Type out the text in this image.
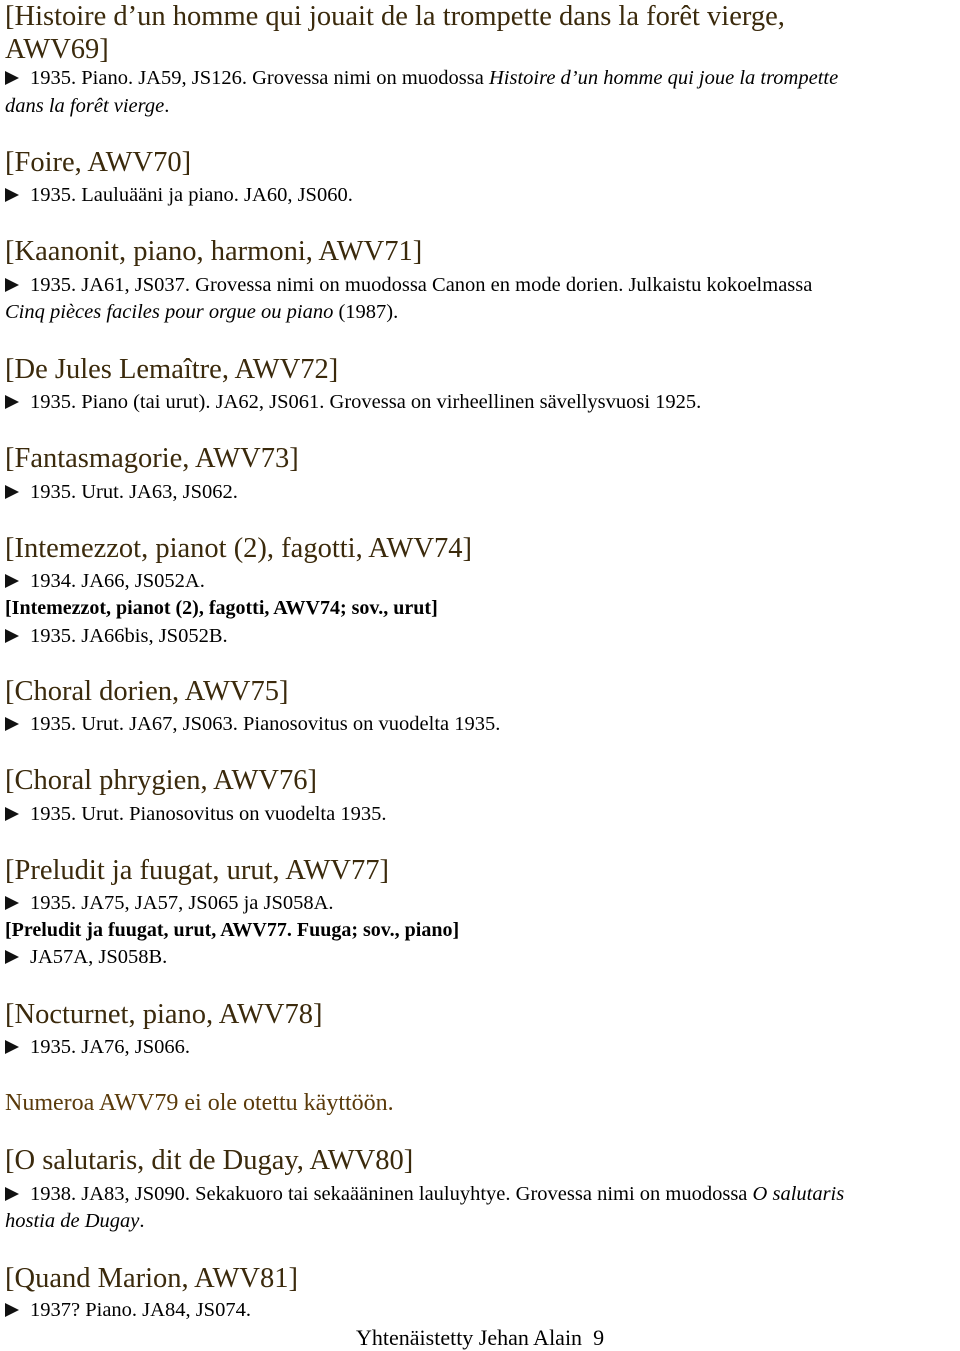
[Histoire d’un homme qui jouait de la trompette dans la forêt vierge,
AWV69]
1935. Piano. JA59, JS126. Grovessa nimi on muodossa Histoire d’un homme qui joue la trompette
dans la forêt vierge.
[Foire, AWV70]
1935. Lauluääni ja piano. JA60, JS060.
[Kaanonit, piano, harmoni, AWV71]
1935. JA61, JS037. Grovessa nimi on muodossa Canon en mode dorien. Julkaistu kokoelmassa
Cinq pièces faciles pour orgue ou piano (1987).
[De Jules Lemaître, AWV72]
1935. Piano (tai urut). JA62, JS061. Grovessa on virheellinen sävellysvuosi 1925.
[Fantasmagorie, AWV73]
1935. Urut. JA63, JS062.
[Intemezzot, pianot (2), fagotti, AWV74]
1934. JA66, JS052A.
[Intemezzot, pianot (2), fagotti, AWV74; sov., urut]
1935. JA66bis, JS052B.
[Choral dorien, AWV75]
1935. Urut. JA67, JS063. Pianosovitus on vuodelta 1935.
[Choral phrygien, AWV76]
1935. Urut. Pianosovitus on vuodelta 1935.
[Preludit ja fuugat, urut, AWV77]
1935. JA75, JA57, JS065 ja JS058A.
[Preludit ja fuugat, urut, AWV77. Fuuga; sov., piano]
JA57A, JS058B.
[Nocturnet, piano, AWV78]
1935. JA76, JS066.
Numeroa AWV79 ei ole otettu käyttöön.
[O salutaris, dit de Dugay, AWV80]
1938. JA83, JS090. Sekakuoro tai sekaääninen lauluyhtye. Grovessa nimi on muodossa O salutaris
hostia de Dugay.
[Quand Marion, AWV81]
1937? Piano. JA84, JS074.
Yhtenäistetty Jehan Alain 9
